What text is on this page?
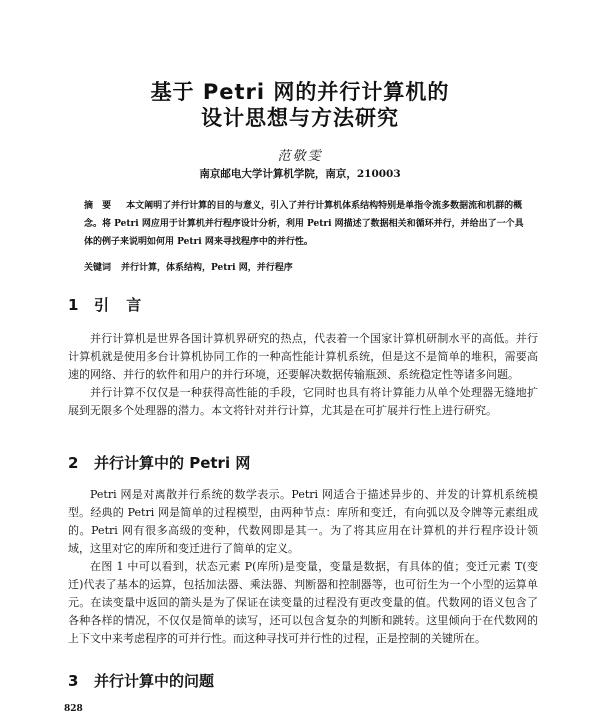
基于 Petri 网的并行计算机的
设计思想与方法研究
范敬雯
南京邮电大学计算机学院，南京，210003
摘 要 本文阐明了并行计算的目的与意义，引入了并行计算机体系结构特别是单指令流多数据流和机群的概念。将 Petri 网应用于计算机并行程序设计分析，利用 Petri 网描述了数据相关和循环并行，并给出了一个具体的例子来说明如何用 Petri 网来寻找程序中的并行性。
关键词 并行计算，体系结构，Petri 网，并行程序
1 引 言

并行计算机是世界各国计算机界研究的热点，代表着一个国家计算机研制水平的高低。并行计算机就是使用多台计算机协同工作的一种高性能计算机系统，但是这不是简单的堆积，需要高速的网络、并行的软件和用户的并行环境，还要解决数据传输瓶颈、系统稳定性等诸多问题。

并行计算不仅仅是一种获得高性能的手段，它同时也具有将计算能力从单个处理器无缝地扩展到无限多个处理器的潜力。本文将针对并行计算，尤其是在可扩展并行性上进行研究。

2 并行计算中的 Petri 网

Petri 网是对离散并行系统的数学表示。Petri 网适合于描述异步的、并发的计算机系统模型。经典的 Petri 网是简单的过程模型，由两种节点：库所和变迁，有向弧以及令牌等元素组成的。Petri 网有很多高级的变种，代数网即是其一。为了将其应用在计算机的并行程序设计领域，这里对它的库所和变迁进行了简单的定义。

在图 1 中可以看到，状态元素 P(库所)是变量，变量是数据，有具体的值；变迁元素 T(变迁)代表了基本的运算，包括加法器、乘法器、判断器和控制器等，也可衍生为一个小型的运算单元。在读变量中返回的箭头是为了保证在读变量的过程没有更改变量的值。代数网的语义包含了各种各样的情况，不仅仅是简单的读写，还可以包含复杂的判断和跳转。这里倾向于在代数网的上下文中来考虑程序的可并行性。而这种寻找可并行性的过程，正是控制的关键所在。

3 并行计算中的问题
828
